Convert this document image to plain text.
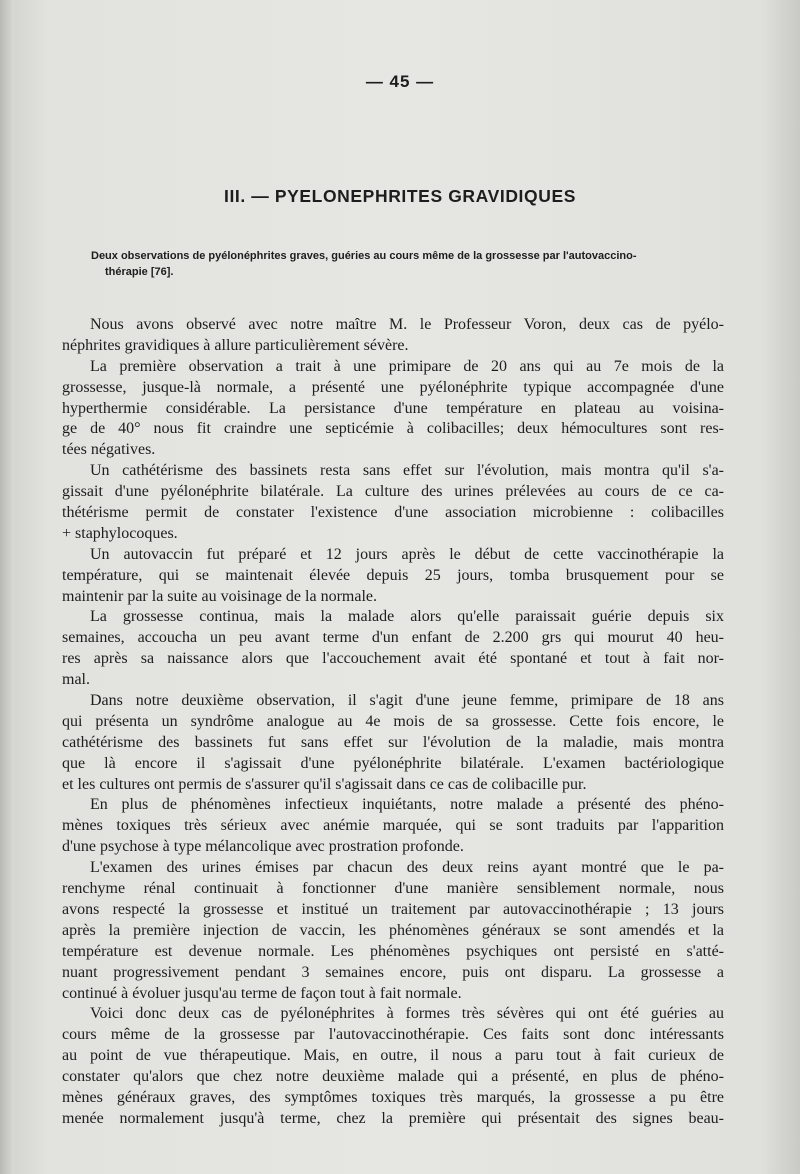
— 45 —
III. — PYELONEPHRITES GRAVIDIQUES
Deux observations de pyélonéphrites graves, guéries au cours même de la grossesse par l'autovaccino-
thérapie [76].
Nous avons observé avec notre maître M. le Professeur Voron, deux cas de pyélo-
néphrites gravidiques à allure particulièrement sévère.
La première observation a trait à une primipare de 20 ans qui au 7e mois de la
grossesse, jusque-là normale, a présenté une pyélonéphrite typique accompagnée d'une
hyperthermie considérable. La persistance d'une température en plateau au voisina-
ge de 40° nous fit craindre une septicémie à colibacilles; deux hémocultures sont res-
tées négatives.
Un cathétérisme des bassinets resta sans effet sur l'évolution, mais montra qu'il s'a-
gissait d'une pyélonéphrite bilatérale. La culture des urines prélevées au cours de ce ca-
thétérisme permit de constater l'existence d'une association microbienne : colibacilles
+ staphylocoques.
Un autovaccin fut préparé et 12 jours après le début de cette vaccinothérapie la
température, qui se maintenait élevée depuis 25 jours, tomba brusquement pour se
maintenir par la suite au voisinage de la normale.
La grossesse continua, mais la malade alors qu'elle paraissait guérie depuis six
semaines, accoucha un peu avant terme d'un enfant de 2.200 grs qui mourut 40 heu-
res après sa naissance alors que l'accouchement avait été spontané et tout à fait nor-
mal.
Dans notre deuxième observation, il s'agit d'une jeune femme, primipare de 18 ans
qui présenta un syndrôme analogue au 4e mois de sa grossesse. Cette fois encore, le
cathétérisme des bassinets fut sans effet sur l'évolution de la maladie, mais montra
que là encore il s'agissait d'une pyélonéphrite bilatérale. L'examen bactériologique
et les cultures ont permis de s'assurer qu'il s'agissait dans ce cas de colibacille pur.
En plus de phénomènes infectieux inquiétants, notre malade a présenté des phéno-
mènes toxiques très sérieux avec anémie marquée, qui se sont traduits par l'apparition
d'une psychose à type mélancolique avec prostration profonde.
L'examen des urines émises par chacun des deux reins ayant montré que le pa-
renchyme rénal continuait à fonctionner d'une manière sensiblement normale, nous
avons respecté la grossesse et institué un traitement par autovaccinothérapie ; 13 jours
après la première injection de vaccin, les phénomènes généraux se sont amendés et la
température est devenue normale. Les phénomènes psychiques ont persisté en s'atté-
nuant progressivement pendant 3 semaines encore, puis ont disparu. La grossesse a
continué à évoluer jusqu'au terme de façon tout à fait normale.
Voici donc deux cas de pyélonéphrites à formes très sévères qui ont été guéries au
cours même de la grossesse par l'autovaccinothérapie. Ces faits sont donc intéressants
au point de vue thérapeutique. Mais, en outre, il nous a paru tout à fait curieux de
constater qu'alors que chez notre deuxième malade qui a présenté, en plus de phéno-
mènes généraux graves, des symptômes toxiques très marqués, la grossesse a pu être
menée normalement jusqu'à terme, chez la première qui présentait des signes beau-
